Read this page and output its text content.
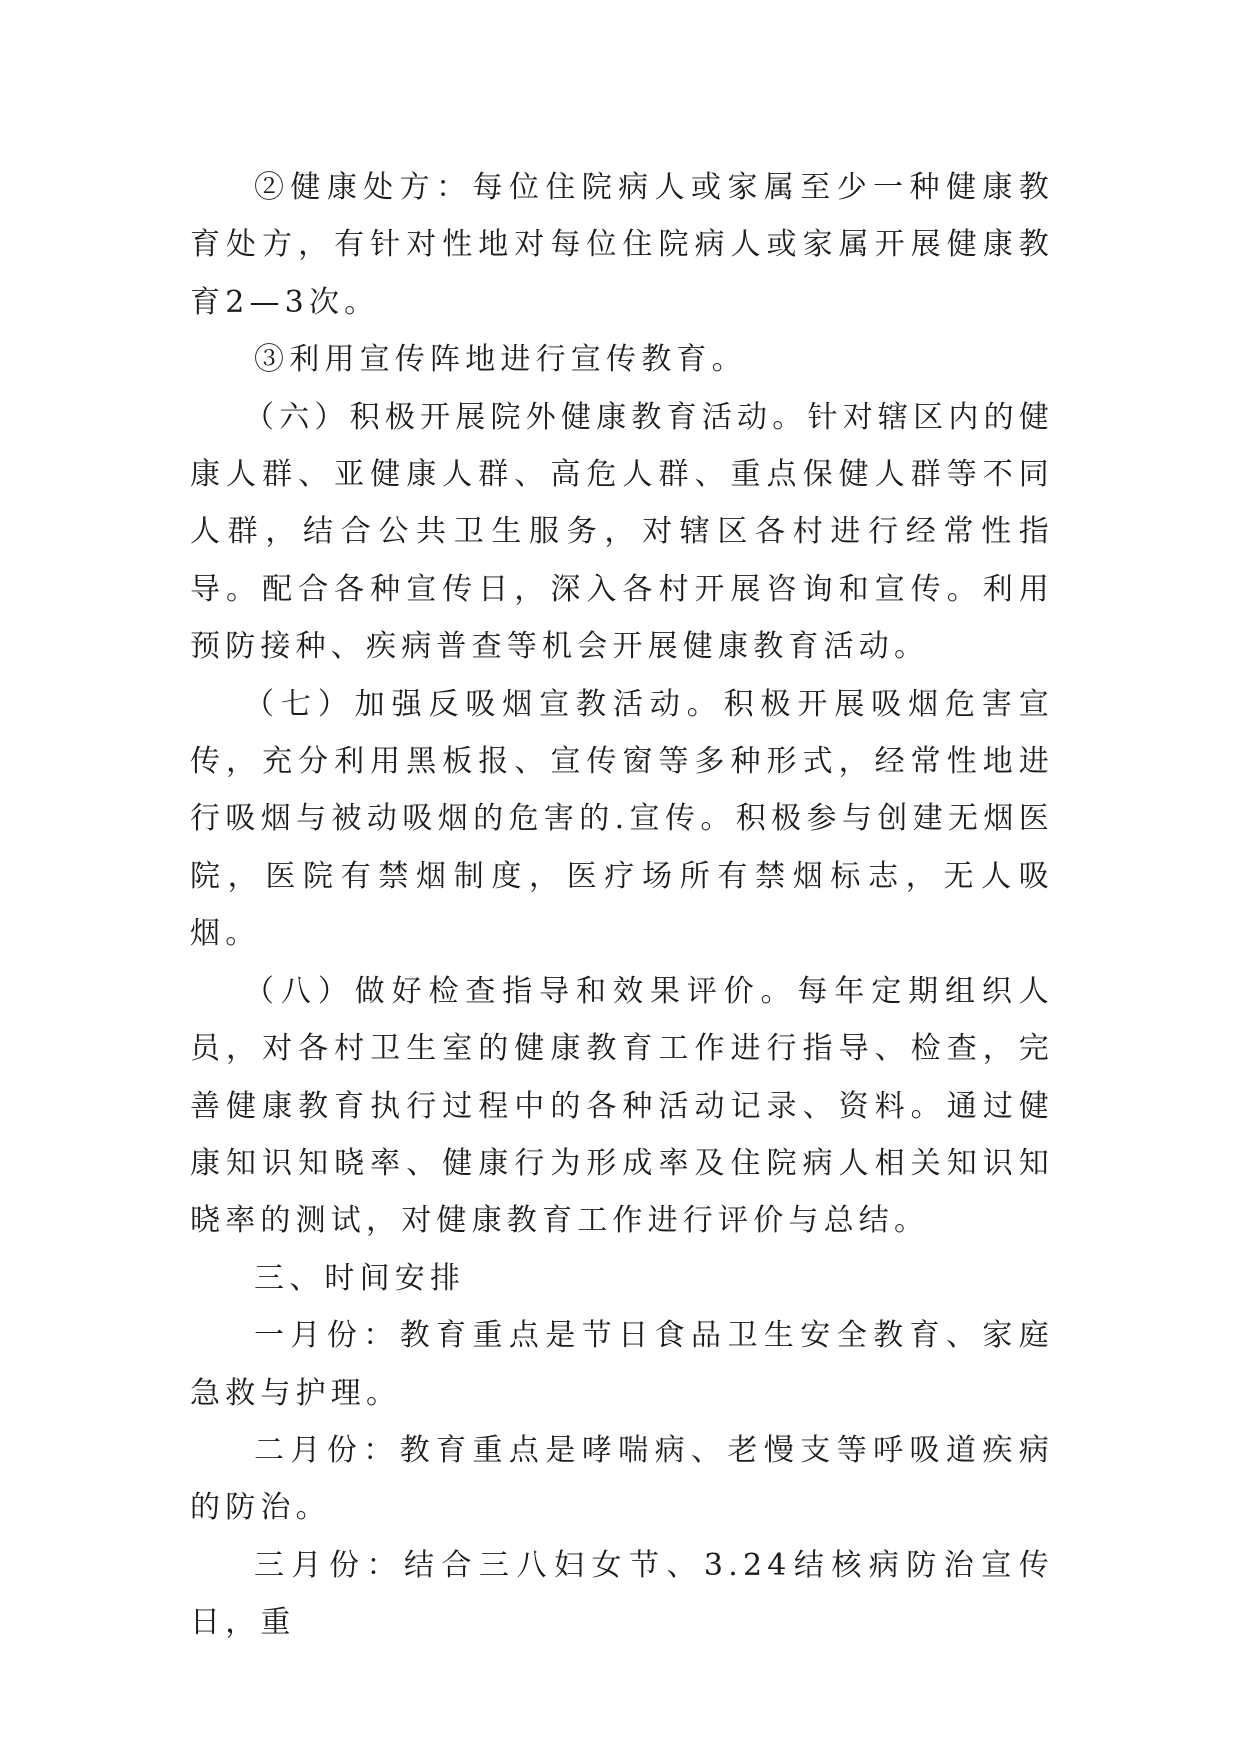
②健康处方：每位住院病人或家属至少一种健康教育处方，有针对性地对每位住院病人或家属开展健康教育2—3次。

③利用宣传阵地进行宣传教育。

（六）积极开展院外健康教育活动。针对辖区内的健康人群、亚健康人群、高危人群、重点保健人群等不同人群，结合公共卫生服务，对辖区各村进行经常性指导。配合各种宣传日，深入各村开展咨询和宣传。利用预防接种、疾病普查等机会开展健康教育活动。

（七）加强反吸烟宣教活动。积极开展吸烟危害宣传，充分利用黑板报、宣传窗等多种形式，经常性地进行吸烟与被动吸烟的危害的.宣传。积极参与创建无烟医院，医院有禁烟制度，医疗场所有禁烟标志，无人吸烟。

（八）做好检查指导和效果评价。每年定期组织人员，对各村卫生室的健康教育工作进行指导、检查，完善健康教育执行过程中的各种活动记录、资料。通过健康知识知晓率、健康行为形成率及住院病人相关知识知晓率的测试，对健康教育工作进行评价与总结。

三、时间安排

一月份：教育重点是节日食品卫生安全教育、家庭急救与护理。

二月份：教育重点是哮喘病、老慢支等呼吸道疾病的防治。

三月份：结合三八妇女节、3.24结核病防治宣传日，重
